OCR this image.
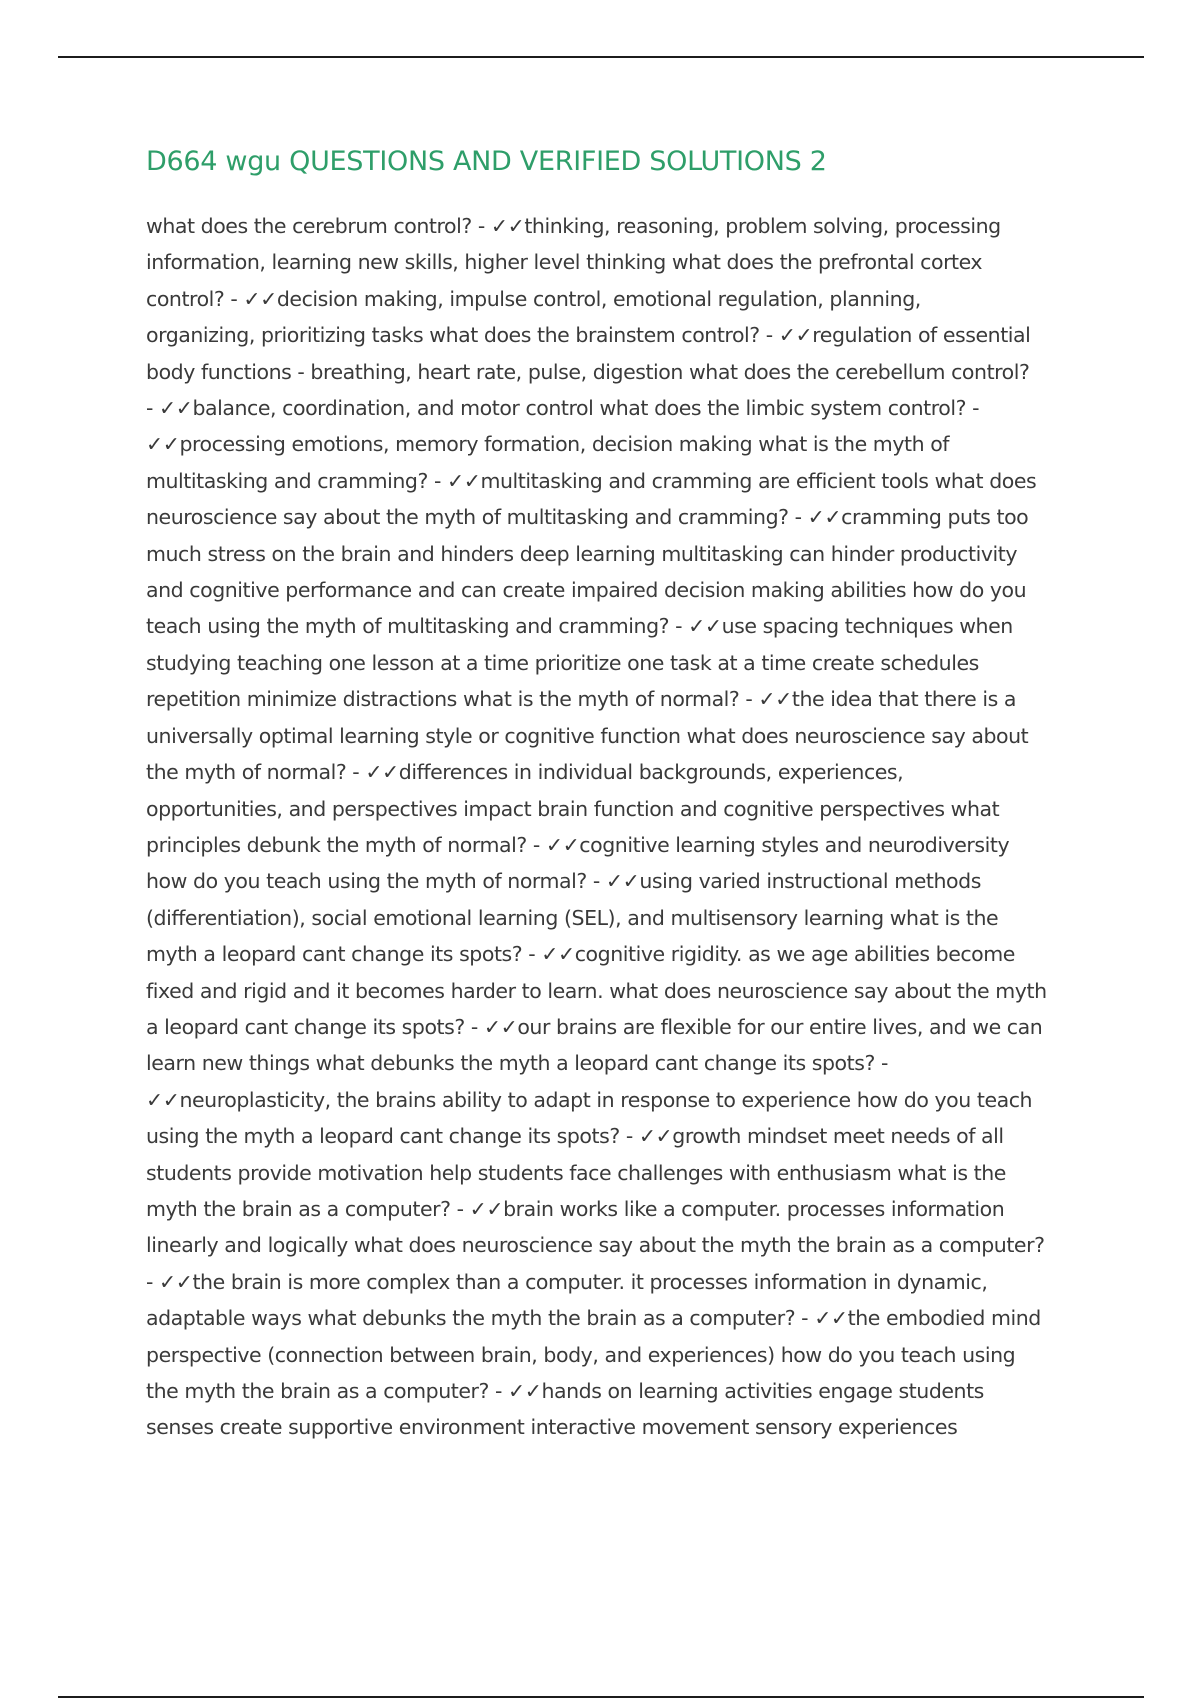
D664 wgu QUESTIONS AND VERIFIED SOLUTIONS 2
what does the cerebrum control? - ✓✓thinking, reasoning, problem solving, processing
information, learning new skills, higher level thinking what does the prefrontal cortex
control? - ✓✓decision making, impulse control, emotional regulation, planning,
organizing, prioritizing tasks what does the brainstem control? - ✓✓regulation of essential
body functions - breathing, heart rate, pulse, digestion what does the cerebellum control?
- ✓✓balance, coordination, and motor control what does the limbic system control? -
✓✓processing emotions, memory formation, decision making what is the myth of
multitasking and cramming? - ✓✓multitasking and cramming are efficient tools what does
neuroscience say about the myth of multitasking and cramming? - ✓✓cramming puts too
much stress on the brain and hinders deep learning multitasking can hinder productivity
and cognitive performance and can create impaired decision making abilities how do you
teach using the myth of multitasking and cramming? - ✓✓use spacing techniques when
studying teaching one lesson at a time prioritize one task at a time create schedules
repetition minimize distractions what is the myth of normal? - ✓✓the idea that there is a
universally optimal learning style or cognitive function what does neuroscience say about
the myth of normal? - ✓✓differences in individual backgrounds, experiences,
opportunities, and perspectives impact brain function and cognitive perspectives what
principles debunk the myth of normal? - ✓✓cognitive learning styles and neurodiversity
how do you teach using the myth of normal? - ✓✓using varied instructional methods
(differentiation), social emotional learning (SEL), and multisensory learning what is the
myth a leopard cant change its spots? - ✓✓cognitive rigidity. as we age abilities become
fixed and rigid and it becomes harder to learn. what does neuroscience say about the myth
a leopard cant change its spots? - ✓✓our brains are flexible for our entire lives, and we can
learn new things what debunks the myth a leopard cant change its spots? -
✓✓neuroplasticity, the brains ability to adapt in response to experience how do you teach
using the myth a leopard cant change its spots? - ✓✓growth mindset meet needs of all
students provide motivation help students face challenges with enthusiasm what is the
myth the brain as a computer? - ✓✓brain works like a computer. processes information
linearly and logically what does neuroscience say about the myth the brain as a computer?
- ✓✓the brain is more complex than a computer. it processes information in dynamic,
adaptable ways what debunks the myth the brain as a computer? - ✓✓the embodied mind
perspective (connection between brain, body, and experiences) how do you teach using
the myth the brain as a computer? - ✓✓hands on learning activities engage students
senses create supportive environment interactive movement sensory experiences
